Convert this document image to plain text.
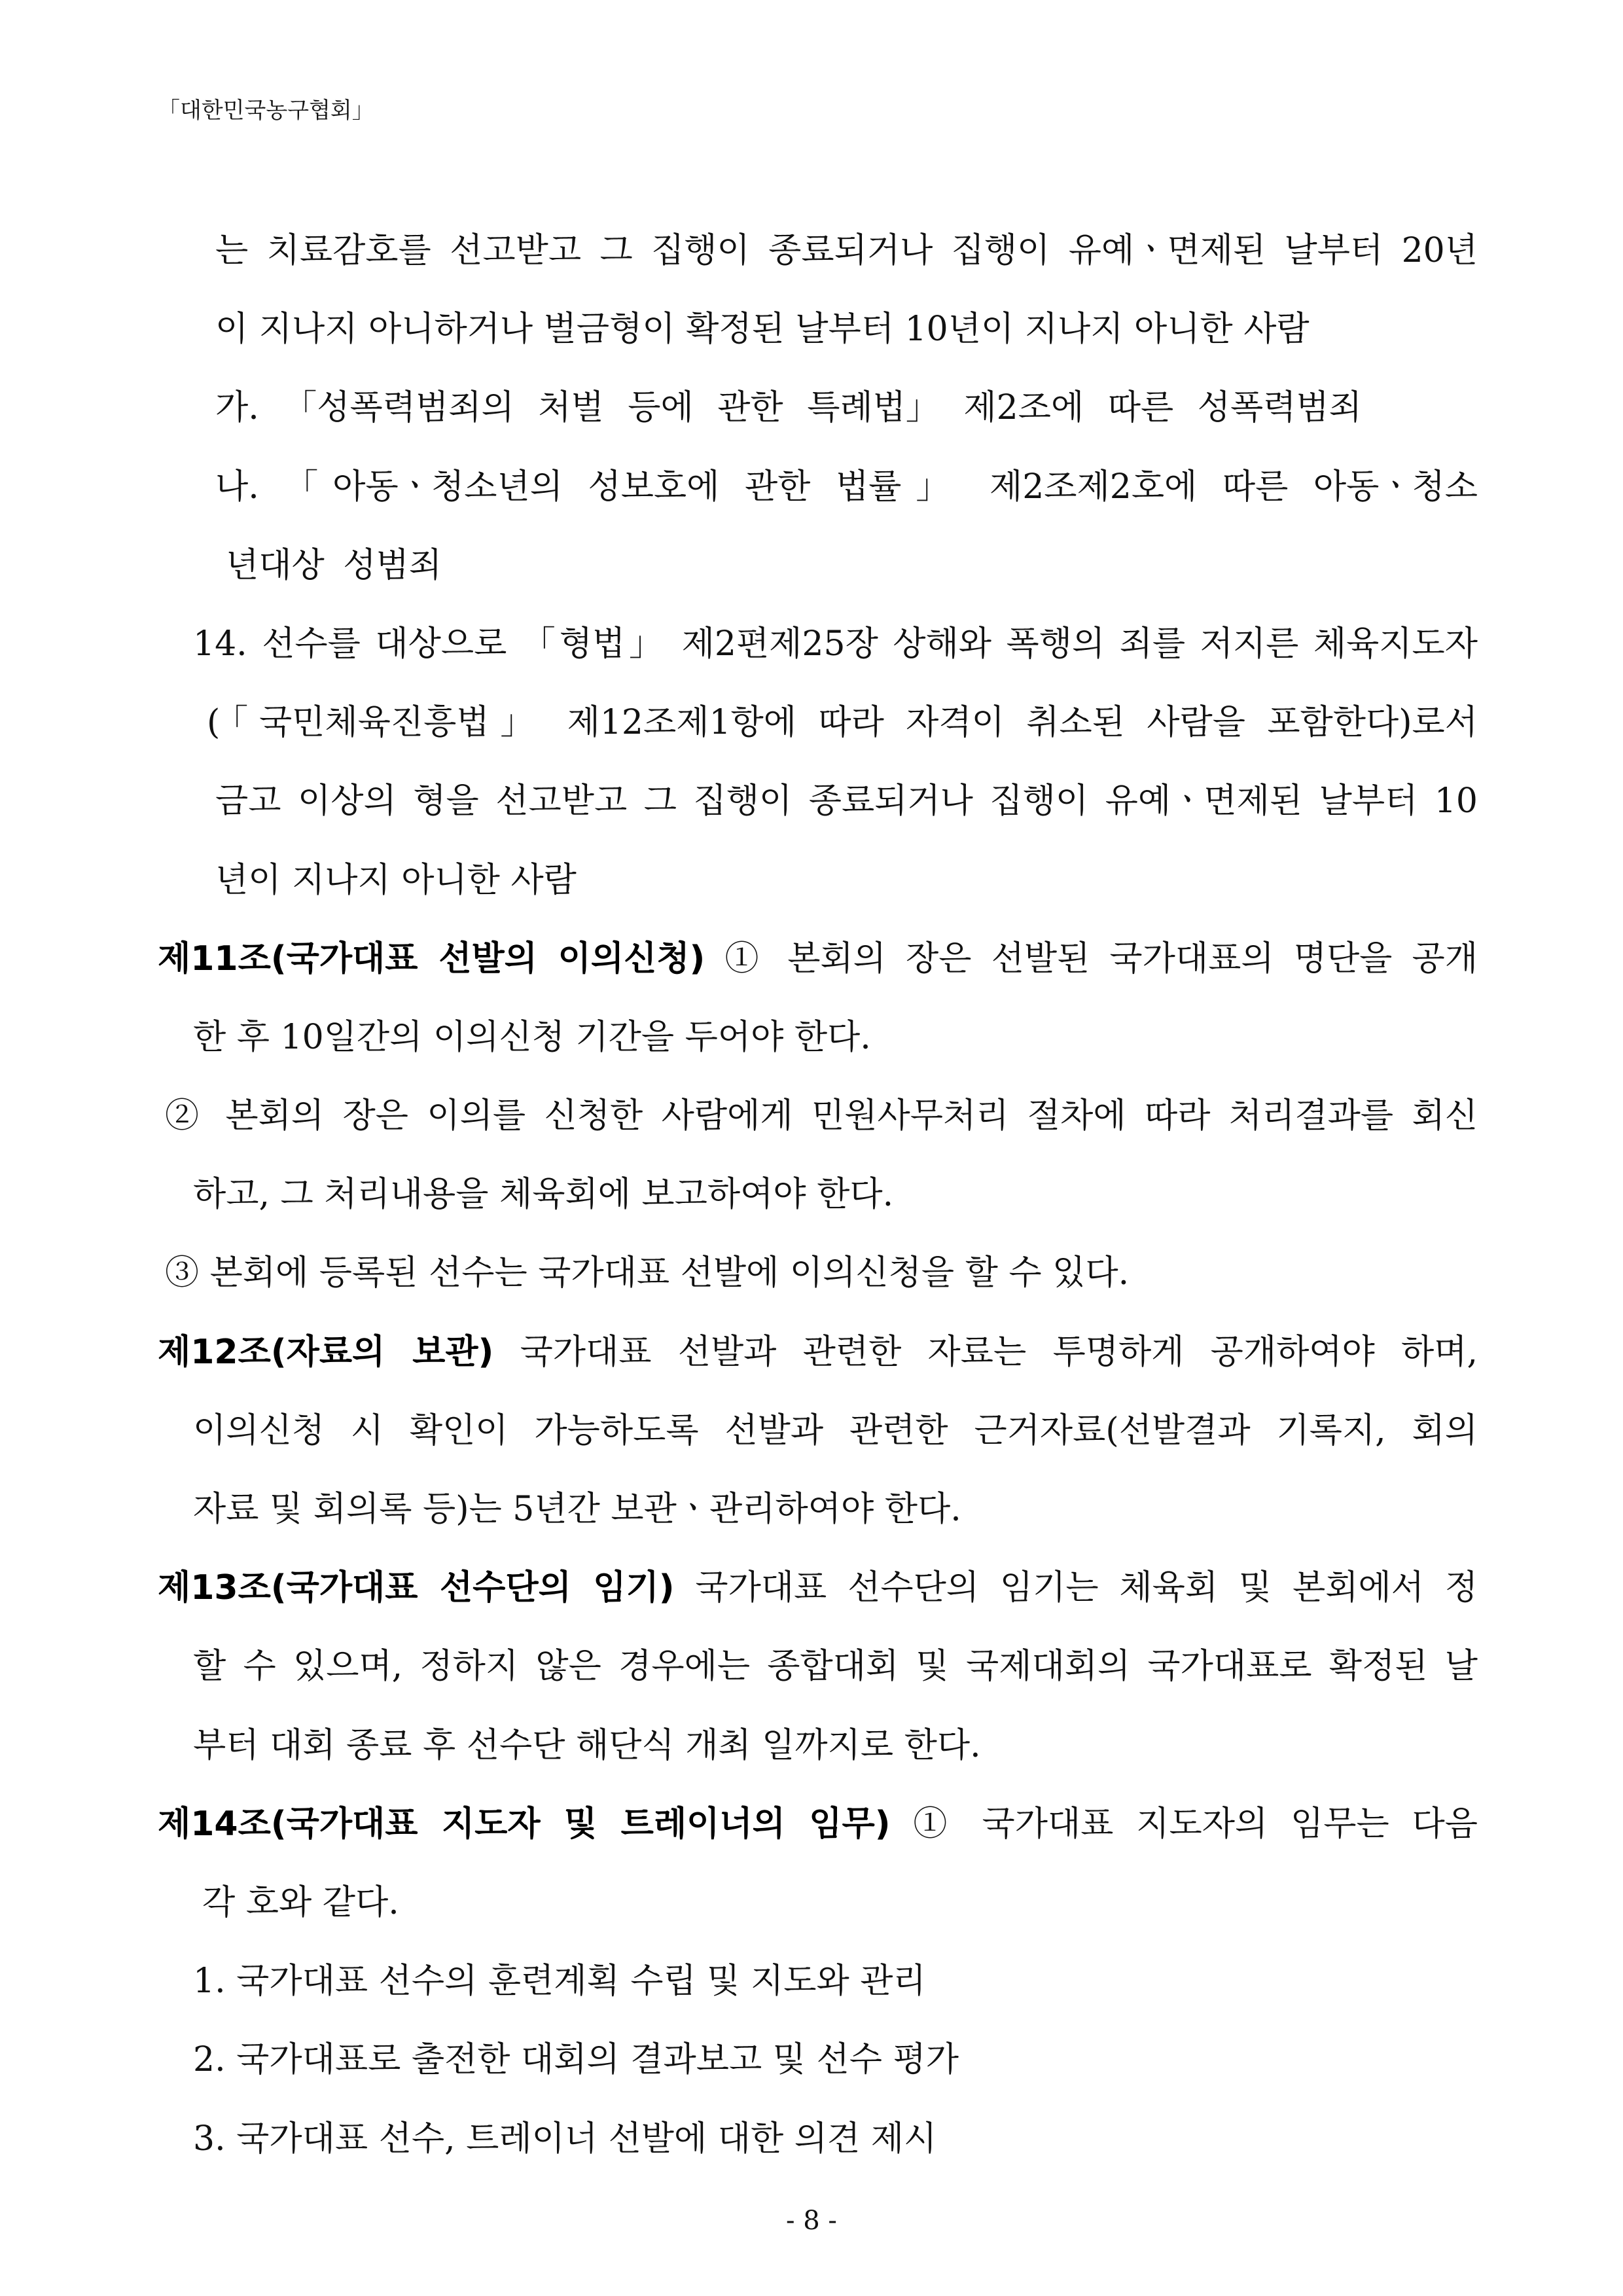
「대한민국농구협회」
는 치료감호를 선고받고 그 집행이 종료되거나 집행이 유예ㆍ면제된 날부터 20년
이 지나지 아니하거나 벌금형이 확정된 날부터 10년이 지나지 아니한 사람
가. 「성폭력범죄의 처벌 등에 관한 특례법」 제2조에 따른 성폭력범죄
나. 「아동ㆍ청소년의 성보호에 관한 법률」 제2조제2호에 따른 아동ㆍ청소
년대상 성범죄
14. 선수를 대상으로 「형법」 제2편제25장 상해와 폭행의 죄를 저지른 체육지도자
(「국민체육진흥법」 제12조제1항에 따라 자격이 취소된 사람을 포함한다)로서
금고 이상의 형을 선고받고 그 집행이 종료되거나 집행이 유예ㆍ면제된 날부터 10
년이 지나지 아니한 사람
제11조(국가대표 선발의 이의신청) ① 본회의 장은 선발된 국가대표의 명단을 공개
한 후 10일간의 이의신청 기간을 두어야 한다.
② 본회의 장은 이의를 신청한 사람에게 민원사무처리 절차에 따라 처리결과를 회신
하고, 그 처리내용을 체육회에 보고하여야 한다.
③ 본회에 등록된 선수는 국가대표 선발에 이의신청을 할 수 있다.
제12조(자료의 보관) 국가대표 선발과 관련한 자료는 투명하게 공개하여야 하며,
이의신청 시 확인이 가능하도록 선발과 관련한 근거자료(선발결과 기록지, 회의
자료 및 회의록 등)는 5년간 보관ㆍ관리하여야 한다.
제13조(국가대표 선수단의 임기) 국가대표 선수단의 임기는 체육회 및 본회에서 정
할 수 있으며, 정하지 않은 경우에는 종합대회 및 국제대회의 국가대표로 확정된 날
부터 대회 종료 후 선수단 해단식 개최 일까지로 한다.
제14조(국가대표 지도자 및 트레이너의 임무) ① 국가대표 지도자의 임무는 다음
각 호와 같다.
1. 국가대표 선수의 훈련계획 수립 및 지도와 관리
2. 국가대표로 출전한 대회의 결과보고 및 선수 평가
3. 국가대표 선수, 트레이너 선발에 대한 의견 제시
- 8 -
